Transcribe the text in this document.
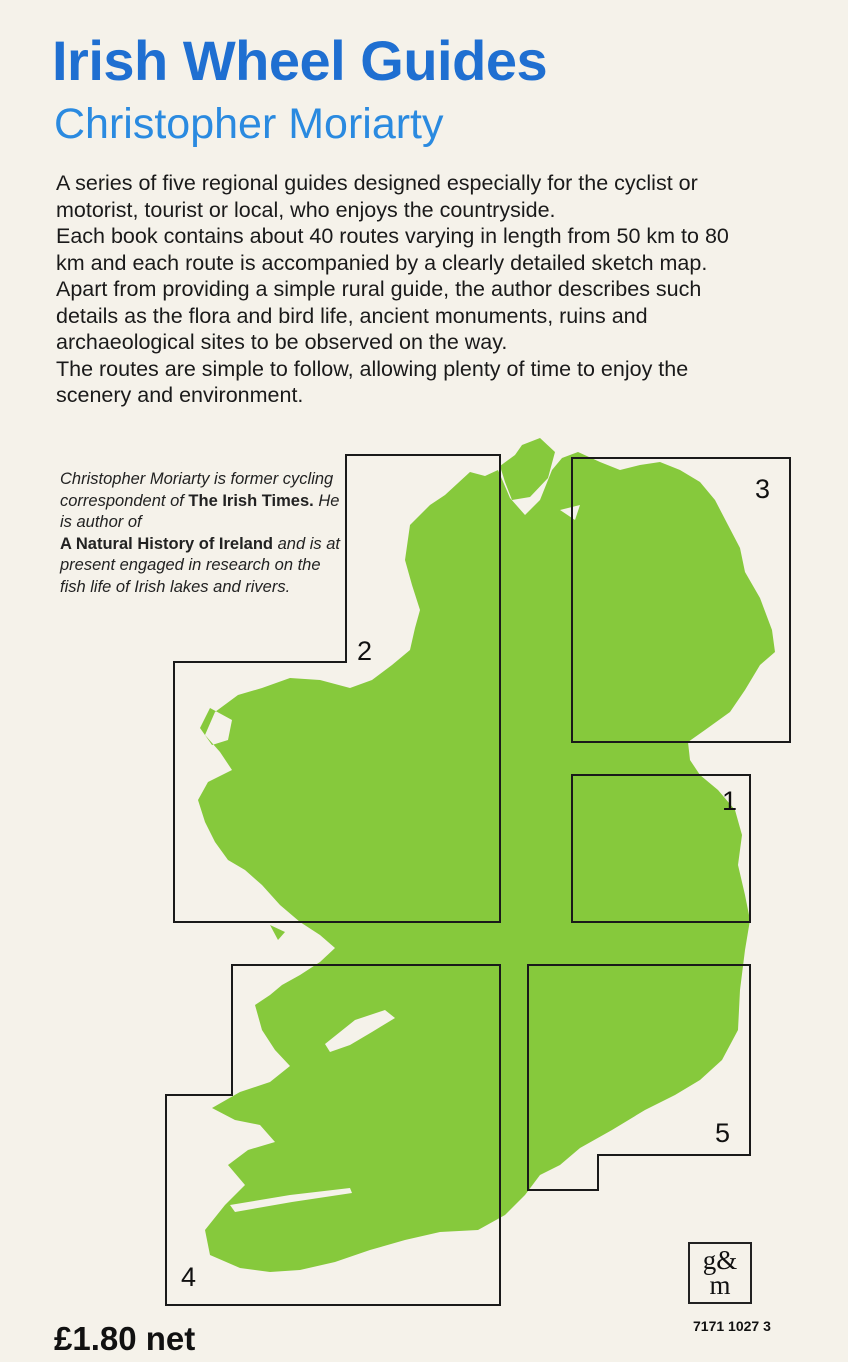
Irish Wheel Guides
Christopher Moriarty

A series of five regional guides designed especially for the cyclist or motorist, tourist or local, who enjoys the countryside.

Each book contains about 40 routes varying in length from 50 km to 80 km and each route is accompanied by a clearly detailed sketch map.

Apart from providing a simple rural guide, the author describes such details as the flora and bird life, ancient monuments, ruins and archaeological sites to be observed on the way.

The routes are simple to follow, allowing plenty of time to enjoy the scenery and environment.

Christopher Moriarty is former cycling correspondent of The Irish Times. He is author of
A Natural History of Ireland and is at present engaged in research on the fish life of Irish lakes and rivers.
1
2
3
4
5
£1.80 net
g&
m
7171 1027 3
